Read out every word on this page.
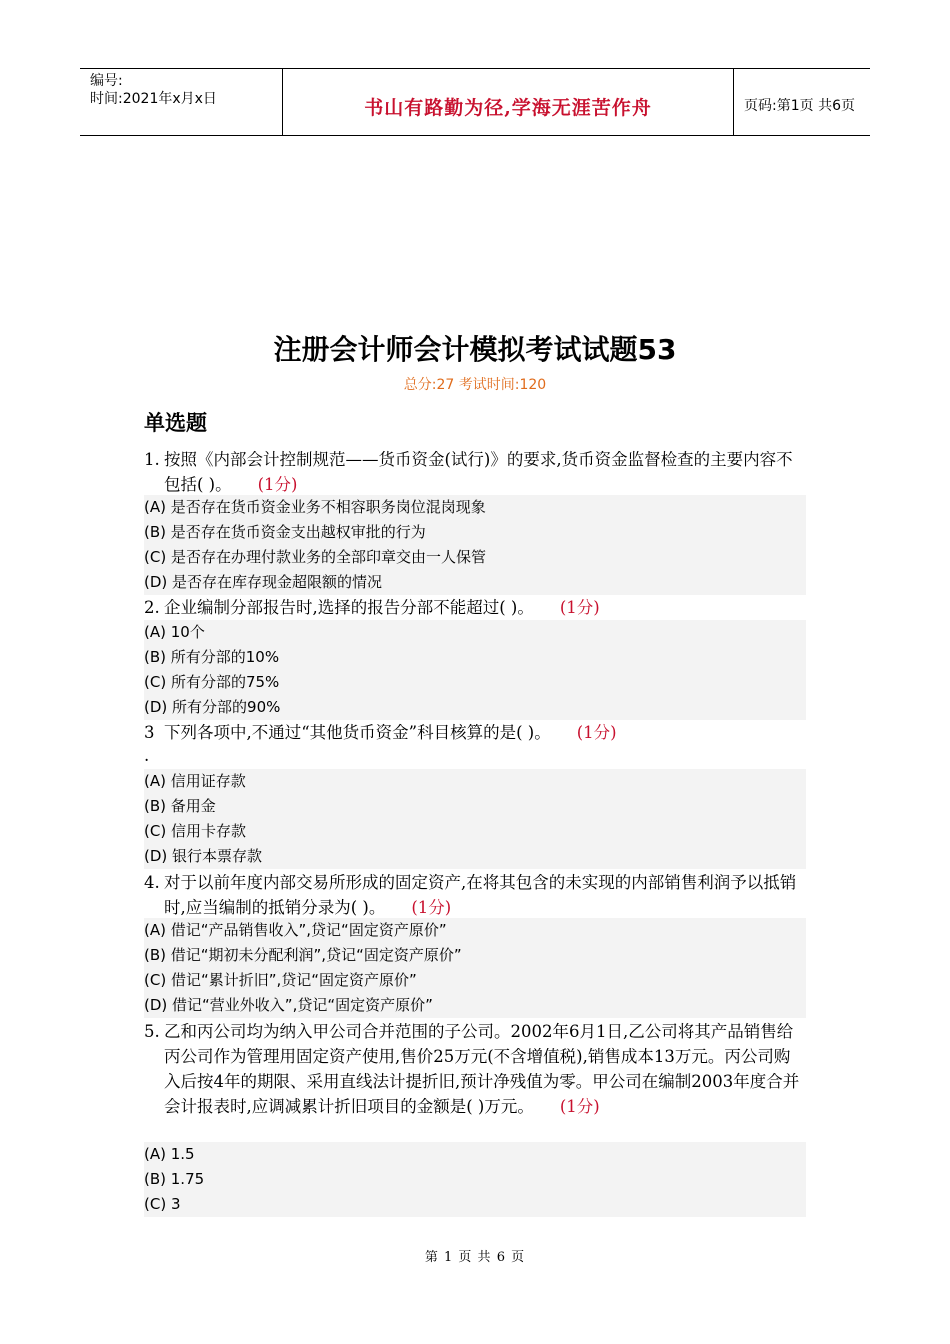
编号:
时间:2021年x月x日	书山有路勤为径,学海无涯苦作舟	页码:第1页 共6页
注册会计师会计模拟考试试题53
总分:27 考试时间:120
单选题
1. 按照《内部会计控制规范——货币资金(试行)》的要求,货币资金监督检查的主要内容不包括( )。 (1分)
(A) 是否存在货币资金业务不相容职务岗位混岗现象
(B) 是否存在货币资金支出越权审批的行为
(C) 是否存在办理付款业务的全部印章交由一人保管
(D) 是否存在库存现金超限额的情况
2. 企业编制分部报告时,选择的报告分部不能超过( )。 (1分)
(A) 10个
(B) 所有分部的10%
(C) 所有分部的75%
(D) 所有分部的90%
3 下列各项中,不通过“其他货币资金”科目核算的是( )。 (1分)
.
(A) 信用证存款
(B) 备用金
(C) 信用卡存款
(D) 银行本票存款
4. 对于以前年度内部交易所形成的固定资产,在将其包含的未实现的内部销售利润予以抵销时,应当编制的抵销分录为( )。 (1分)
(A) 借记“产品销售收入”,贷记“固定资产原价”
(B) 借记“期初未分配利润”,贷记“固定资产原价”
(C) 借记“累计折旧”,贷记“固定资产原价”
(D) 借记“营业外收入”,贷记“固定资产原价”
5. 乙和丙公司均为纳入甲公司合并范围的子公司。2002年6月1日,乙公司将其产品销售给丙公司作为管理用固定资产使用,售价25万元(不含增值税),销售成本13万元。丙公司购入后按4年的期限、采用直线法计提折旧,预计净残值为零。甲公司在编制2003年度合并会计报表时,应调减累计折旧项目的金额是( )万元。 (1分)
(A) 1.5
(B) 1.75
(C) 3
第 1 页 共 6 页
